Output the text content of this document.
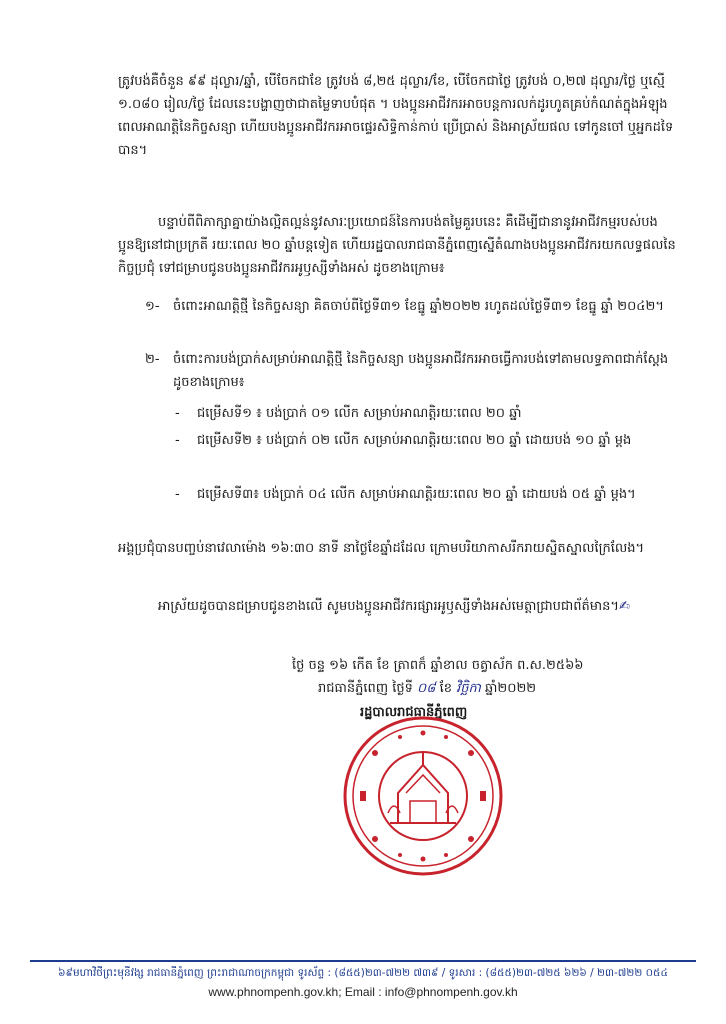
ត្រូវបង់គឺចំនួន ៩៩ ដុល្លារ/ឆ្នាំ, បើចែកជាខែ ត្រូវបង់ ៨,២៥ ដុល្លារ/ខែ, បើចែកជាថ្ងៃ ត្រូវបង់ ០,២៧ ដុល្លារ/ថ្ងៃ ឬស្មើ ១.០៨០ រៀល/ថ្ងៃ ដែលនេះបង្ហាញថាជាតម្លៃទាបបំផុត ។ បងប្អូនអាជីវករអាចបន្តការលក់ដូរហូតគ្រប់កំណត់ក្នុងអំឡុងពេលអាណត្តិនៃកិច្ចសន្យា ហើយបងប្អូនអាជីវករអាចផ្ទេរសិទ្ធិកាន់កាប់ ប្រើប្រាស់ និងអាស្រ័យផល ទៅកូនចៅ ឬអ្នកដទៃបាន។

បន្ទាប់ពីពិភាក្សាគ្នាយ៉ាងល្អិតល្អន់នូវសារៈប្រយោជន៍នៃការបង់តម្លៃគួរបនេះ គឺដើម្បីជានានូវអាជីវកម្មរបស់បងប្អូនឱ្យនៅជាប្រក្រតី រយៈពេល ២០ ឆ្នាំបន្តទៀត ហើយរដ្ឋបាលរាជធានីភ្នំពេញស្នើតំណាងបងប្អូនអាជីវករយកលទ្ធផលនៃកិច្ចប្រជុំ ទៅជម្រាបជូនបងប្អូនអាជីវករអូឫស្សីទាំងអស់ ដូចខាងក្រោម៖

១- ចំពោះអាណត្តិថ្មី នៃកិច្ចសន្យា គិតចាប់ពីថ្ងៃទី៣១ ខែធ្នូ ឆ្នាំ២០២២ រហូតដល់ថ្ងៃទី៣១ ខែធ្នូ ឆ្នាំ ២០៤២។
២- ចំពោះការបង់ប្រាក់សម្រាប់អាណត្តិថ្មី នៃកិច្ចសន្យា បងប្អូនអាជីវករអាចធ្វើការបង់ទៅតាមលទ្ធភាពជាក់ស្តែង ដូចខាងក្រោម៖
- ជម្រើសទី១ ៖ បង់ប្រាក់ ០១ លើក សម្រាប់អាណត្តិរយៈពេល ២០ ឆ្នាំ
- ជម្រើសទី២ ៖ បង់ប្រាក់ ០២ លើក សម្រាប់អាណត្តិរយៈពេល ២០ ឆ្នាំ ដោយបង់ ១០ ឆ្នាំ ម្តង
- ជម្រើសទី៣៖ បង់ប្រាក់ ០៤ លើក សម្រាប់អាណត្តិរយៈពេល ២០ ឆ្នាំ ដោយបង់ ០៥ ឆ្នាំ ម្តង។

អង្គប្រជុំបានបញ្ចប់នាវេលាម៉ោង ១៦:៣០ នាទី នាថ្ងៃខែឆ្នាំដដែល ក្រោមបរិយាកាសរីករាយស្និតស្នាលក្រៃលែង។

អាស្រ័យដូចបានជម្រាបជូនខាងលើ សូមបងប្អូនអាជីវករផ្សារអូឫស្សីទាំងអស់មេត្តាជ្រាបជាព័ត៌មាន។✍

ថ្ងៃ ចន្ទ ១៦ កើត ខែ ត្រាពក៏ ឆ្នាំខាល ចត្វាស័ក ព.ស.២៥៦៦
រាជធានីភ្នំពេញ ថ្ងៃទី ០៨ ខែ វិច្ឆិកា ឆ្នាំ២០២២
រដ្ឋបាលរាជធានីភ្នំពេញ
៦៩មហាវិថីព្រះមុនីវង្ស រាជធានីភ្នំពេញ ព្រះរាជាណាចក្រកម្ពុជា ទូរស័ព្ទ : (៨៥៥)២៣-៧២២ ៧៣៩ / ទូរសារ : (៨៥៥)២៣-៧២៥ ៦២៦ / ២៣-៧២២ ០៥៤
www.phnompenh.gov.kh; Email : info@phnompenh.gov.kh
